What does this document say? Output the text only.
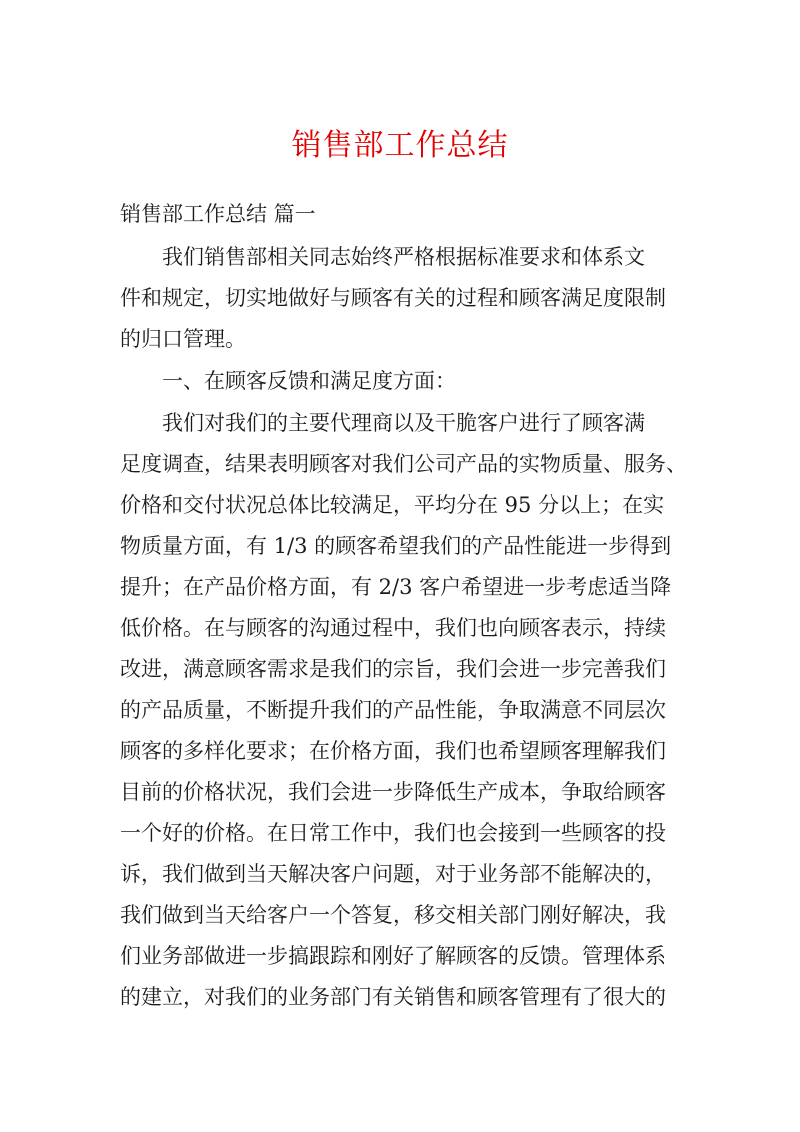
销售部工作总结
销售部工作总结 篇一
我们销售部相关同志始终严格根据标准要求和体系文
件和规定，切实地做好与顾客有关的过程和顾客满足度限制
的归口管理。
一、在顾客反馈和满足度方面：
我们对我们的主要代理商以及干脆客户进行了顾客满
足度调查，结果表明顾客对我们公司产品的实物质量、服务、
价格和交付状况总体比较满足，平均分在 95 分以上；在实
物质量方面，有 1/3 的顾客希望我们的产品性能进一步得到
提升；在产品价格方面，有 2/3 客户希望进一步考虑适当降
低价格。在与顾客的沟通过程中，我们也向顾客表示，持续
改进，满意顾客需求是我们的宗旨，我们会进一步完善我们
的产品质量，不断提升我们的产品性能，争取满意不同层次
顾客的多样化要求；在价格方面，我们也希望顾客理解我们
目前的价格状况，我们会进一步降低生产成本，争取给顾客
一个好的价格。在日常工作中，我们也会接到一些顾客的投
诉，我们做到当天解决客户问题，对于业务部不能解决的，
我们做到当天给客户一个答复，移交相关部门刚好解决，我
们业务部做进一步搞跟踪和刚好了解顾客的反馈。管理体系
的建立，对我们的业务部门有关销售和顾客管理有了很大的
